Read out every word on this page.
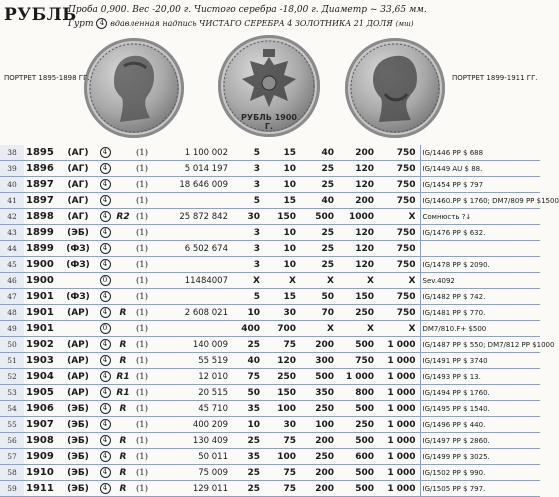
РУБЛЬ
Проба 0,900. Вес -20,00 г. Чистого серебра -18,00 г. Диаметр ~ 33,65 мм.
Гурт 4 вдавленная надпись ЧИСТАГО СЕРЕБРА 4 ЗОЛОТНИКА 21 ДОЛЯ (мш)
ПОРТРЕТ 1895-1898 ГГ.
РУБЛЬ 1900 Г.
ПОРТРЕТ 1899-1911 ГГ.
38	1895	(АГ)	4		(1)	1 100 002	5	15	40	200	750	IG/1446 PP $ 688
39	1896	(АГ)	4		(1)	5 014 197	3	10	25	120	750	IG/1449 AU $ 88.
40	1897	(АГ)	4		(1)	18 646 009	3	10	25	120	750	IG/1454 PP $ 797
41	1897	(АГ)	4		(1)		5	15	40	200	750	IG/1460.PP $ 1760; DM7/809 PP $1500
42	1898	(АГ)	4	R2	(1)	25 872 842	30	150	500	1000	X	Сомнюсть ?↓
43	1899	(ЭБ)	4		(1)		3	10	25	120	750	IG/1476 PP $ 632.
44	1899	(ФЗ)	4		(1)	6 502 674	3	10	25	120	750	
45	1900	(ФЗ)	4		(1)		3	10	25	120	750	IG/1478 PP $ 2090.
46	1900		0		(1)	11484007	X	X	X	X	X	Sev.4092
47	1901	(ФЗ)	4		(1)		5	15	50	150	750	IG/1482 PP $ 742.
48	1901	(АР)	4	R	(1)	2 608 021	10	30	70	250	750	IG/1481 PP $ 770.
49	1901		0		(1)		400	700	X	X	X	DM7/810.F+ $500
50	1902	(АР)	4	R	(1)	140 009	25	75	200	500	1 000	IG/1487 PP $ 550; DM7/812 PP $1000
51	1903	(АР)	4	R	(1)	55 519	40	120	300	750	1 000	IG/1491 PP $ 3740
52	1904	(АР)	4	R1	(1)	12 010	75	250	500	1 000	1 000	IG/1493 PP $ 13.
53	1905	(АР)	4	R1	(1)	20 515	50	150	350	800	1 000	IG/1494 PP $ 1760.
54	1906	(ЭБ)	4	R	(1)	45 710	35	100	250	500	1 000	IG/1495 PP $ 1540.
55	1907	(ЭБ)	4		(1)	400 209	10	30	100	250	1 000	IG/1496 PP $ 440.
56	1908	(ЭБ)	4	R	(1)	130 409	25	75	200	500	1 000	IG/1497 PP $ 2860.
57	1909	(ЭБ)	4	R	(1)	50 011	35	100	250	600	1 000	IG/1499 PP $ 3025.
58	1910	(ЭБ)	4	R	(1)	75 009	25	75	200	500	1 000	IG/1502 PP $ 990.
59	1911	(ЭБ)	4	R	(1)	129 011	25	75	200	500	1 000	IG/1505 PP $ 797.
